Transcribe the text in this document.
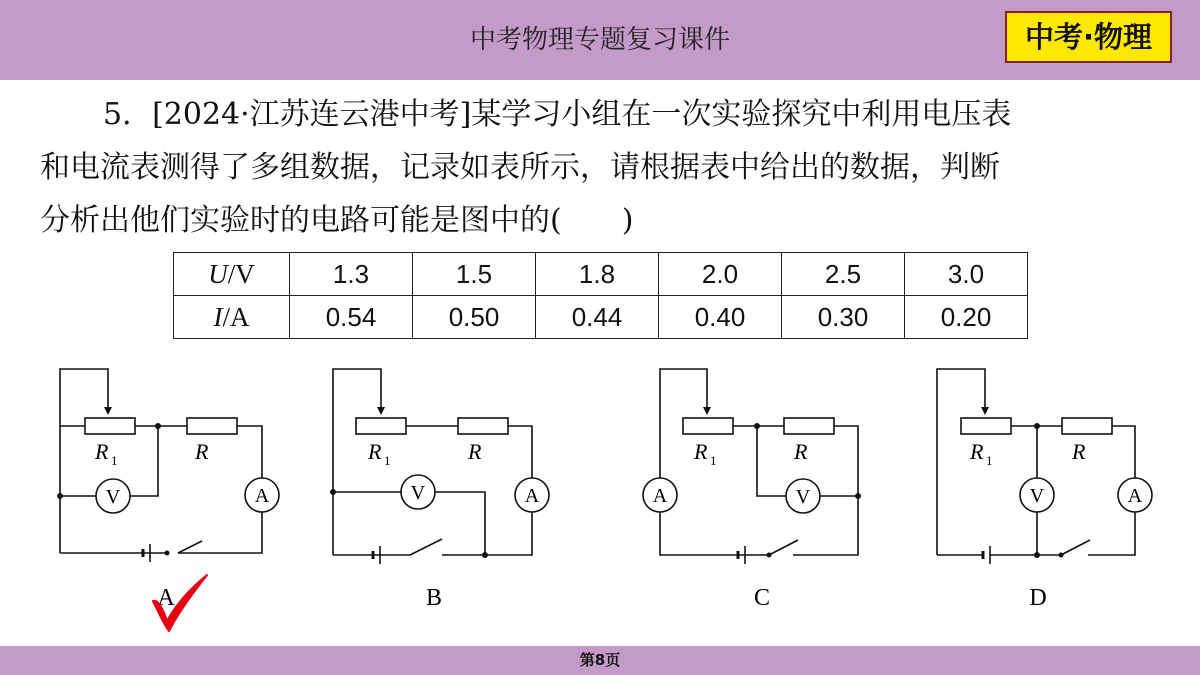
中考物理专题复习课件	中考·物理

5．[2024·江苏连云港中考]某学习小组在一次实验探究中利用电压表

和电流表测得了多组数据，记录如表所示，请根据表中给出的数据，判断

分析出他们实验时的电路可能是图中的(　　)

U/V	1.3	1.5	1.8	2.0	2.5	3.0
I/A	0.54	0.50	0.44	0.40	0.30	0.20
V	A
R 1	R
A
V	A
R 1	R
B
V
A
R 1	R
C
V	A
R 1	R
D
第8页
